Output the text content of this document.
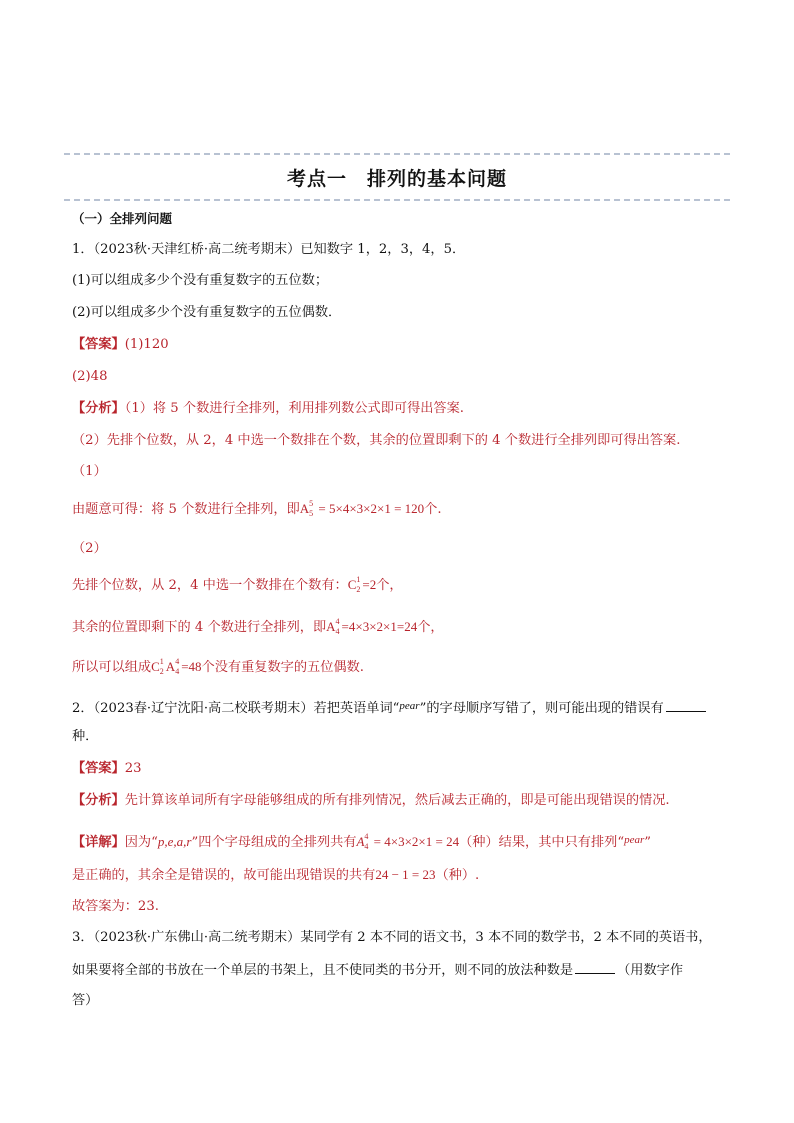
考点一 排列的基本问题
（一）全排列问题
1．（2023秋·天津红桥·高二统考期末）已知数字 1，2，3，4，5．
(1)可以组成多少个没有重复数字的五位数；
(2)可以组成多少个没有重复数字的五位偶数．
【答案】(1)120
(2)48
【分析】（1）将 5 个数进行全排列，利用排列数公式即可得出答案.
（2）先排个位数，从 2，4 中选一个数排在个数，其余的位置即剩下的 4 个数进行全排列即可得出答案.
（1）
由题意可得：将 5 个数进行全排列，即A 5
5 = 5×4×3×2×1 = 120个.
（2）
先排个位数，从 2，4 中选一个数排在个数有：C 1
2 =2个，
其余的位置即剩下的 4 个数进行全排列，即A 4
4 =4×3×2×1=24个，
所以可以组成C 1
2 A 4
4 =48个没有重复数字的五位偶数.
2．（2023春·辽宁沈阳·高二校联考期末）若把英语单词“$^{pear}$”的字母顺序写错了，则可能出现的错误有
种．
【答案】23
【分析】先计算该单词所有字母能够组成的所有排列情况，然后减去正确的，即是可能出现错误的情况.
【详解】因为“p,e,a,r”四个字母组成的全排列共有A 4
4 = 4×3×2×1 = 24（种）结果，其中只有排列“$^{pear}$”
是正确的，其余全是错误的，故可能出现错误的共有24 − 1 = 23（种）.
故答案为：23.
3．（2023秋·广东佛山·高二统考期末）某同学有 2 本不同的语文书，3 本不同的数学书，2 本不同的英语书，
如果要将全部的书放在一个单层的书架上，且不使同类的书分开，则不同的放法种数是	（用数字作
答）
